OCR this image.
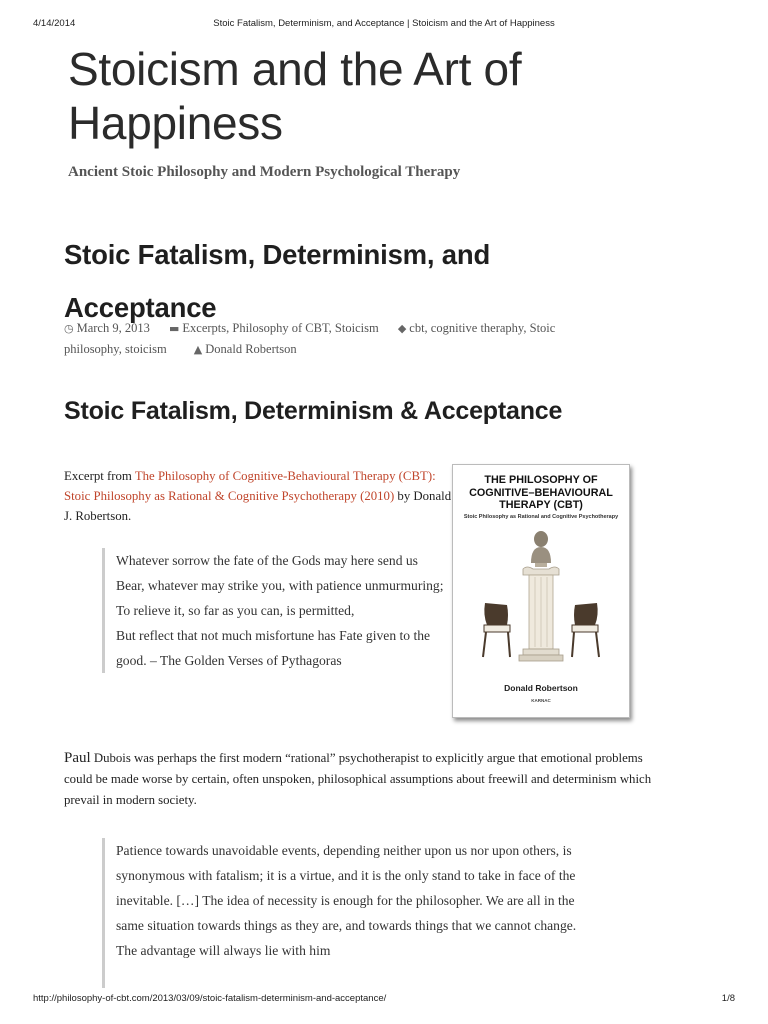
4/14/2014	Stoic Fatalism, Determinism, and Acceptance | Stoicism and the Art of Happiness
Stoicism and the Art of Happiness

Ancient Stoic Philosophy and Modern Psychological Therapy

Stoic Fatalism, Determinism, and Acceptance
◷ March 9, 2013 ▬ Excerpts, Philosophy of CBT, Stoicism ◆ cbt, cognitive theraphy, Stoic
philosophy, stoicism ▲ Donald Robertson
Stoic Fatalism, Determinism & Acceptance
Excerpt from The Philosophy of Cognitive-Behavioural Therapy (CBT): Stoic Philosophy as Rational & Cognitive Psychotherapy (2010) by Donald J. Robertson.
THE PHILOSOPHY OF COGNITIVE–BEHAVIOURAL THERAPY (CBT)
Stoic Philosophy as Rational and Cognitive Psychotherapy
Donald Robertson
KARNAC
Whatever sorrow the fate of the Gods may here send us
Bear, whatever may strike you, with patience unmurmuring;
To relieve it, so far as you can, is permitted,
But reflect that not much misfortune has Fate given to the good. – The Golden Verses of Pythagoras

Paul Dubois was perhaps the first modern “rational” psychotherapist to explicitly argue that emotional problems could be made worse by certain, often unspoken, philosophical assumptions about freewill and determinism which prevail in modern society.

Patience towards unavoidable events, depending neither upon us nor upon others, is synonymous with fatalism; it is a virtue, and it is the only stand to take in face of the inevitable. […] The idea of necessity is enough for the philosopher. We are all in the same situation towards things as they are, and towards things that we cannot change. The advantage will always lie with him
http://philosophy-of-cbt.com/2013/03/09/stoic-fatalism-determinism-and-acceptance/	1/8
